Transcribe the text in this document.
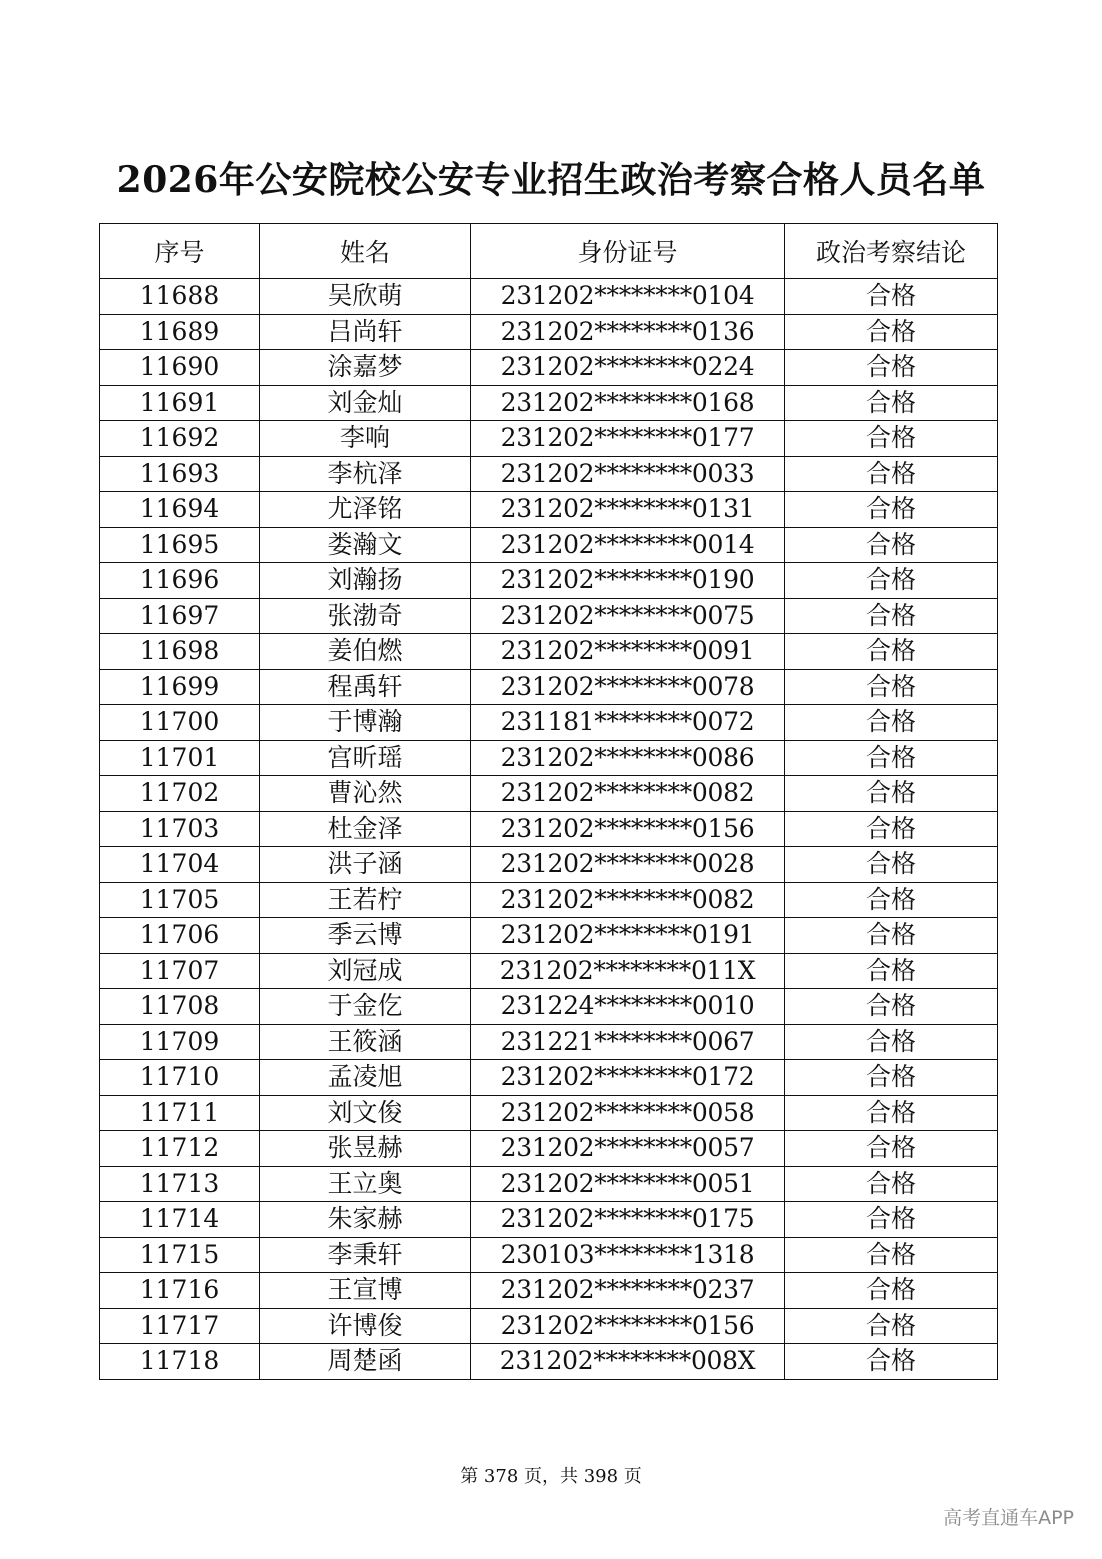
2026年公安院校公安专业招生政治考察合格人员名单
序号	姓名	身份证号	政治考察结论
11688	吴欣萌	231202********0104	合格
11689	吕尚轩	231202********0136	合格
11690	涂嘉梦	231202********0224	合格
11691	刘金灿	231202********0168	合格
11692	李响	231202********0177	合格
11693	李杭泽	231202********0033	合格
11694	尤泽铭	231202********0131	合格
11695	娄瀚文	231202********0014	合格
11696	刘瀚扬	231202********0190	合格
11697	张渤奇	231202********0075	合格
11698	姜伯燃	231202********0091	合格
11699	程禹轩	231202********0078	合格
11700	于博瀚	231181********0072	合格
11701	宫昕瑶	231202********0086	合格
11702	曹沁然	231202********0082	合格
11703	杜金泽	231202********0156	合格
11704	洪子涵	231202********0028	合格
11705	王若柠	231202********0082	合格
11706	季云博	231202********0191	合格
11707	刘冠成	231202********011X	合格
11708	于金仡	231224********0010	合格
11709	王筱涵	231221********0067	合格
11710	孟凌旭	231202********0172	合格
11711	刘文俊	231202********0058	合格
11712	张昱赫	231202********0057	合格
11713	王立奥	231202********0051	合格
11714	朱家赫	231202********0175	合格
11715	李秉轩	230103********1318	合格
11716	王宣博	231202********0237	合格
11717	许博俊	231202********0156	合格
11718	周楚函	231202********008X	合格
第 378 页，共 398 页
高考直通车APP
